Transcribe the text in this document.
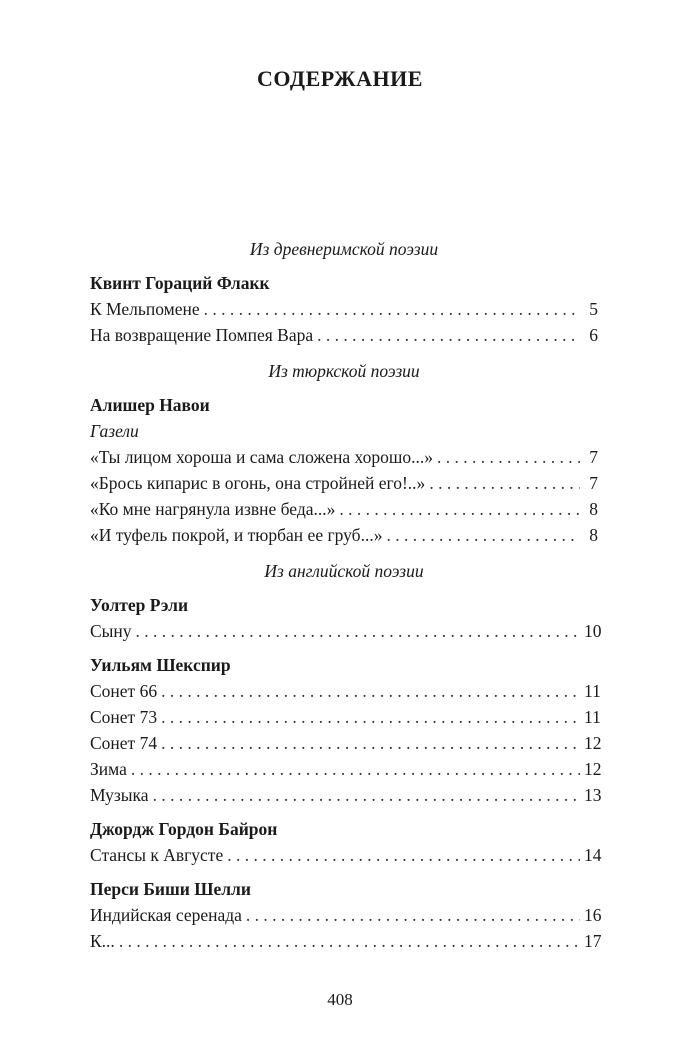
СОДЕРЖАНИЕ
Из древнеримской поэзии
Квинт Гораций Флакк
К Мельпомене . . .	5
На возвращение Помпея Вара . . .	6
Из тюркской поэзии
Алишер Навои
Газели
«Ты лицом хороша и сама сложена хорошо...» . . .	7
«Брось кипарис в огонь, она стройней его!..» . . .	7
«Ко мне нагрянула извне беда...» . . .	8
«И туфель покрой, и тюрбан ее груб...» . . .	8
Из английской поэзии
Уолтер Рэли
Сыну . . .	10
Уильям Шекспир
Сонет 66 . . .	11
Сонет 73 . . .	11
Сонет 74 . . .	12
Зима . . .	12
Музыка . . .	13
Джордж Гордон Байрон
Стансы к Августе . . .	14
Перси Биши Шелли
Индийская серенада . . .	16
К... . . .	17
408
